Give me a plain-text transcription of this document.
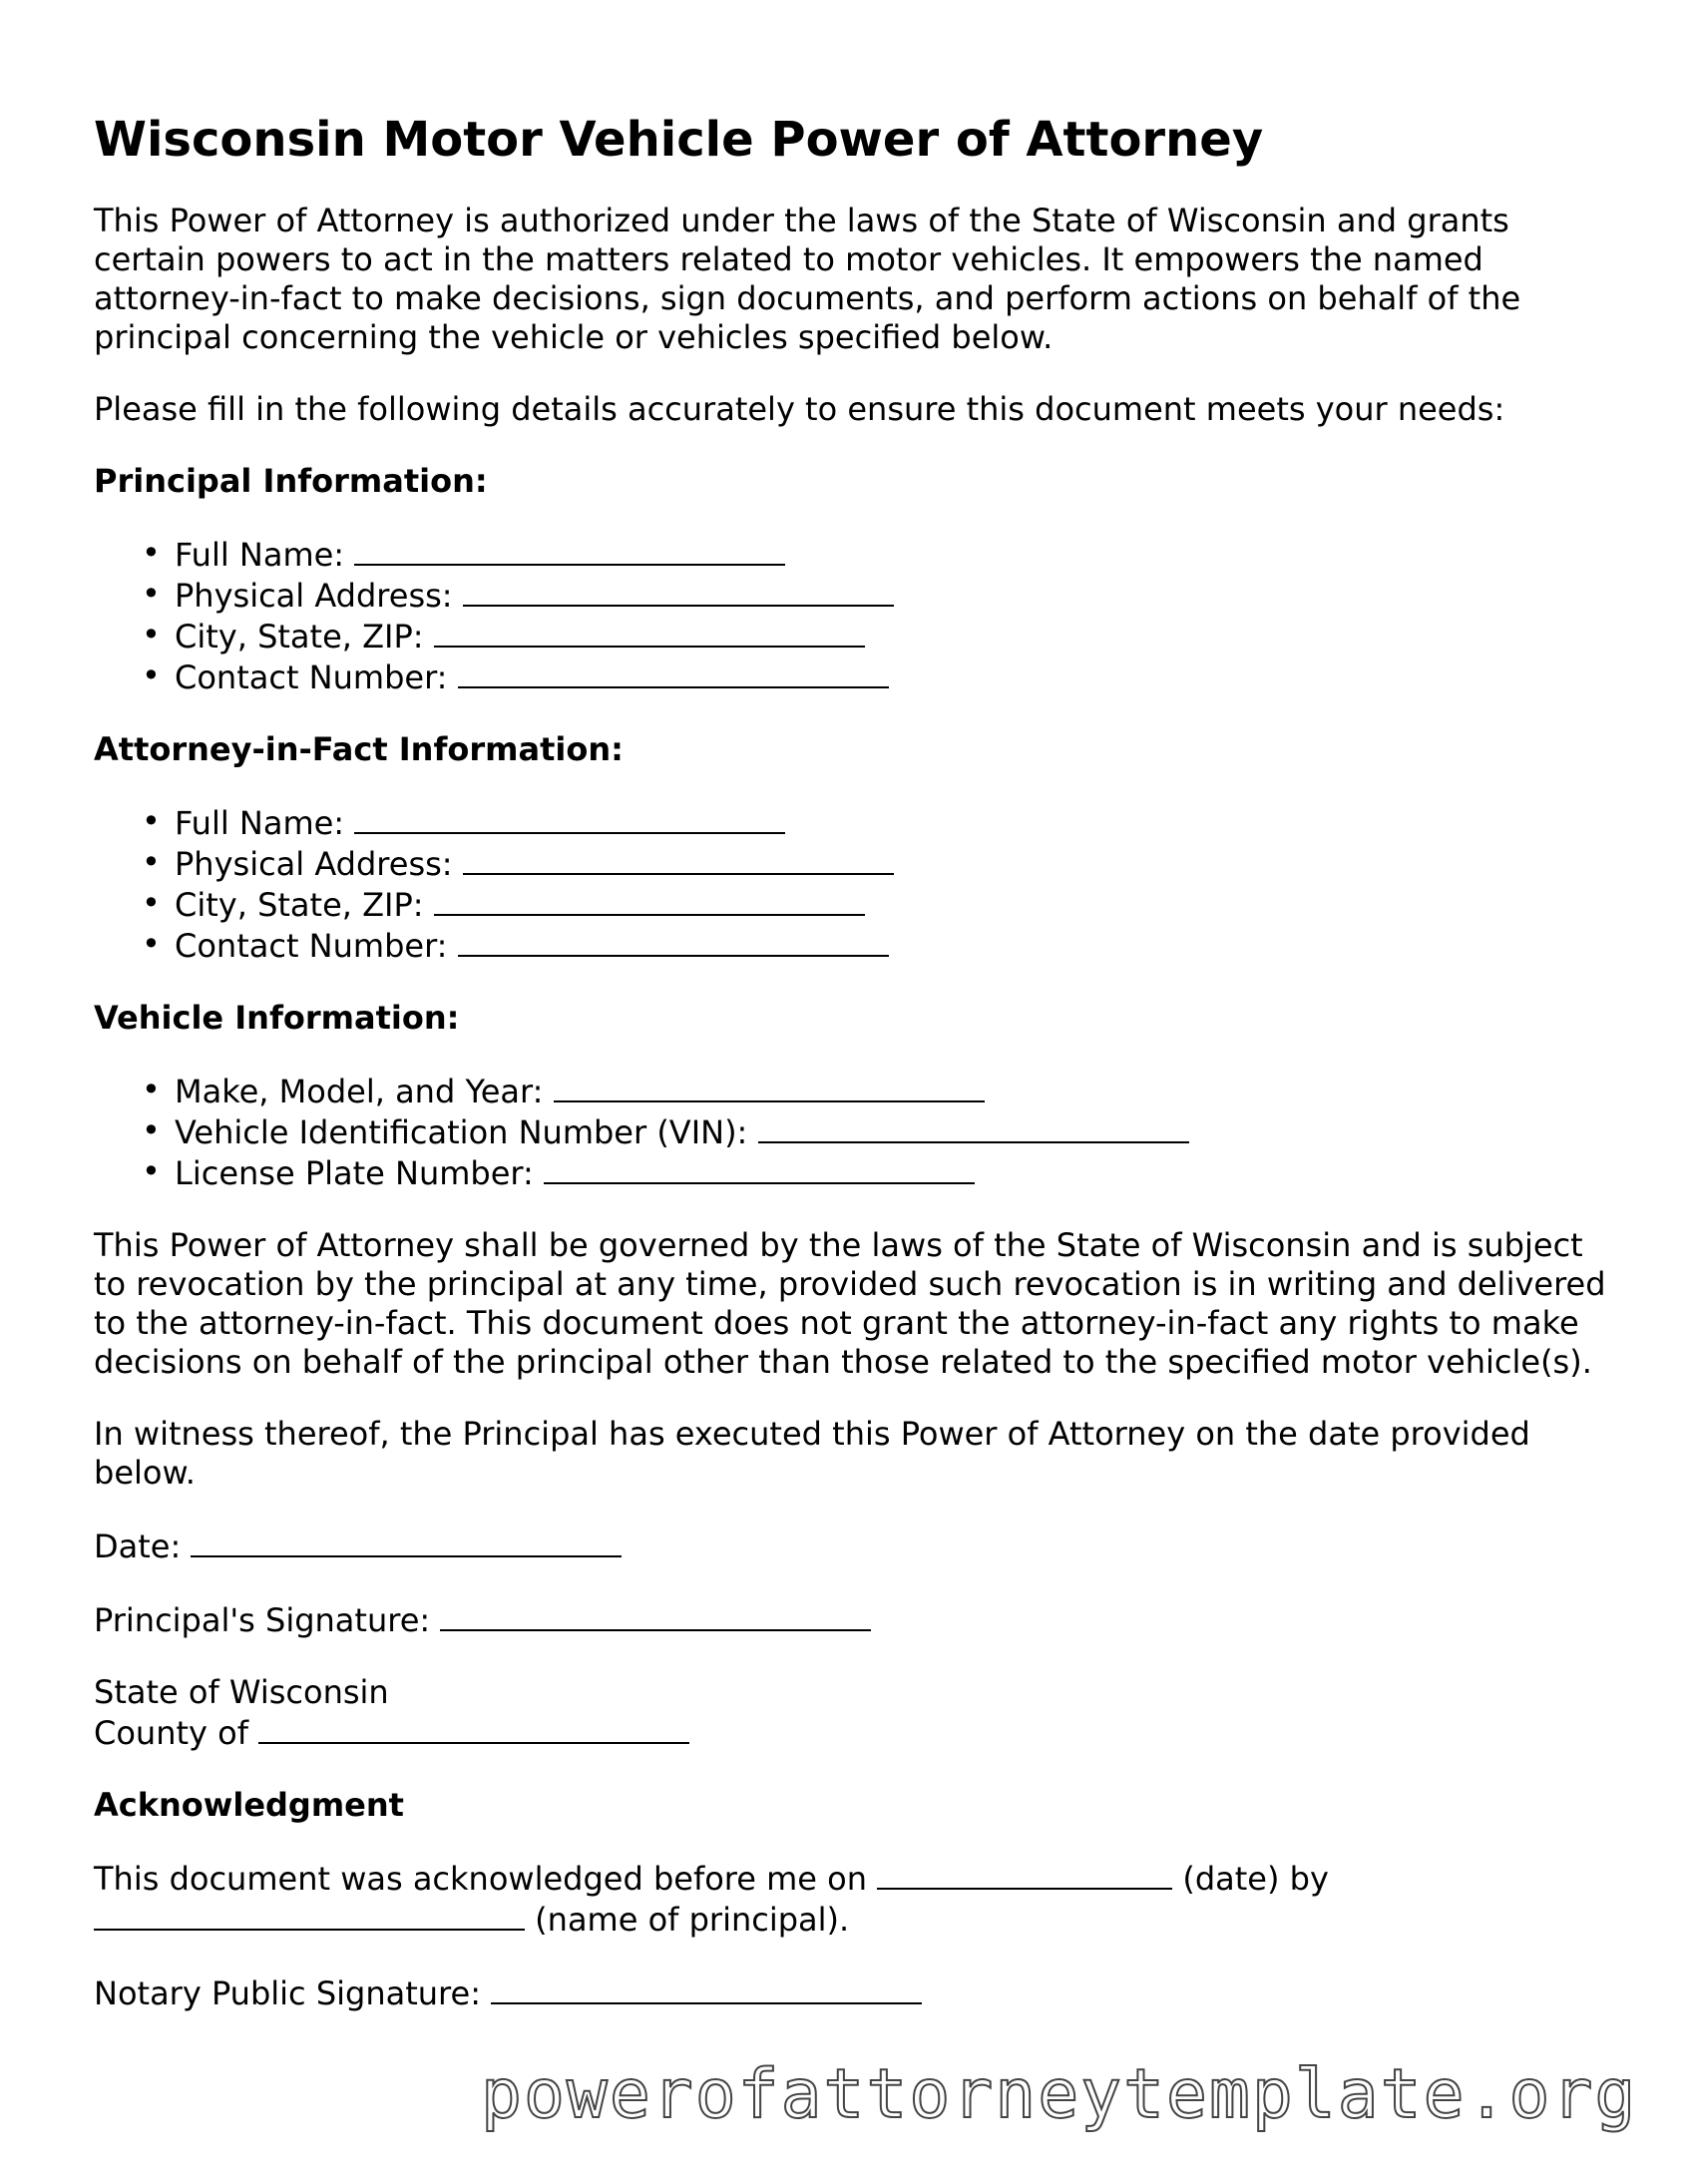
Wisconsin Motor Vehicle Power of Attorney

This Power of Attorney is authorized under the laws of the State of Wisconsin and grants certain powers to act in the matters related to motor vehicles. It empowers the named attorney-in-fact to make decisions, sign documents, and perform actions on behalf of the principal concerning the vehicle or vehicles specified below.

Please fill in the following details accurately to ensure this document meets your needs:

Principal Information:
• Full Name:
• Physical Address:
• City, State, ZIP:
• Contact Number:
Attorney-in-Fact Information:
• Full Name:
• Physical Address:
• City, State, ZIP:
• Contact Number:
Vehicle Information:
• Make, Model, and Year:
• Vehicle Identification Number (VIN):
• License Plate Number:

This Power of Attorney shall be governed by the laws of the State of Wisconsin and is subject to revocation by the principal at any time, provided such revocation is in writing and delivered to the attorney-in-fact. This document does not grant the attorney-in-fact any rights to make decisions on behalf of the principal other than those related to the specified motor vehicle(s).

In witness thereof, the Principal has executed this Power of Attorney on the date provided below.

Date:

Principal's Signature:

State of Wisconsin

County of

Acknowledgment

This document was acknowledged before me on	(date) by
(name of principal).

Notary Public Signature:

powerofattorneytemplate.org
